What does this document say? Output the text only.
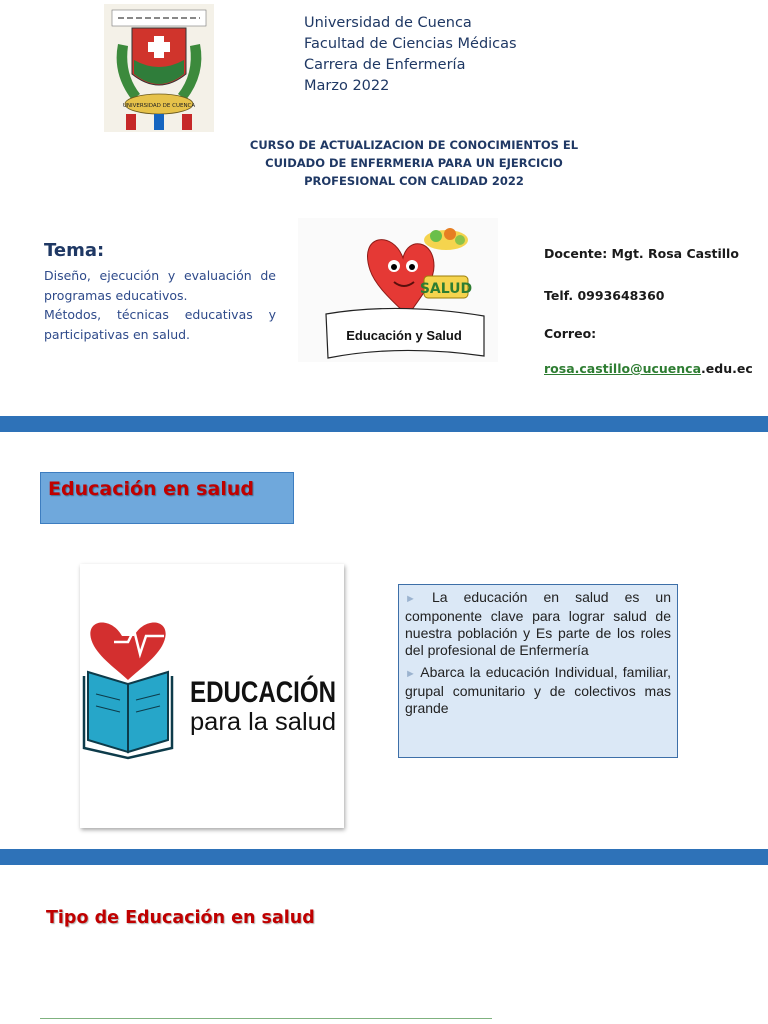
UNIVERSIDAD DE CUENCA
Universidad de Cuenca
Facultad de Ciencias Médicas
Carrera de Enfermería
Marzo 2022
CURSO DE ACTUALIZACION DE CONOCIMIENTOS EL
CUIDADO DE ENFERMERIA PARA UN EJERCICIO
PROFESIONAL CON CALIDAD 2022
Tema:
Diseño, ejecución y evaluación de programas educativos.
Métodos, técnicas educativas y participativas en salud.
SALUD
Educación y Salud
Docente: Mgt. Rosa Castillo
Telf. 0993648360
Correo:
rosa.castillo@ucuenca.edu.ec
Educación en salud
EDUCACIÓN
para la salud
► La educación en salud es un componente clave para lograr salud de nuestra población y Es parte de los roles del profesional de Enfermería
► Abarca la educación Individual, familiar, grupal comunitario y de colectivos mas grande
Tipo de Educación en salud
